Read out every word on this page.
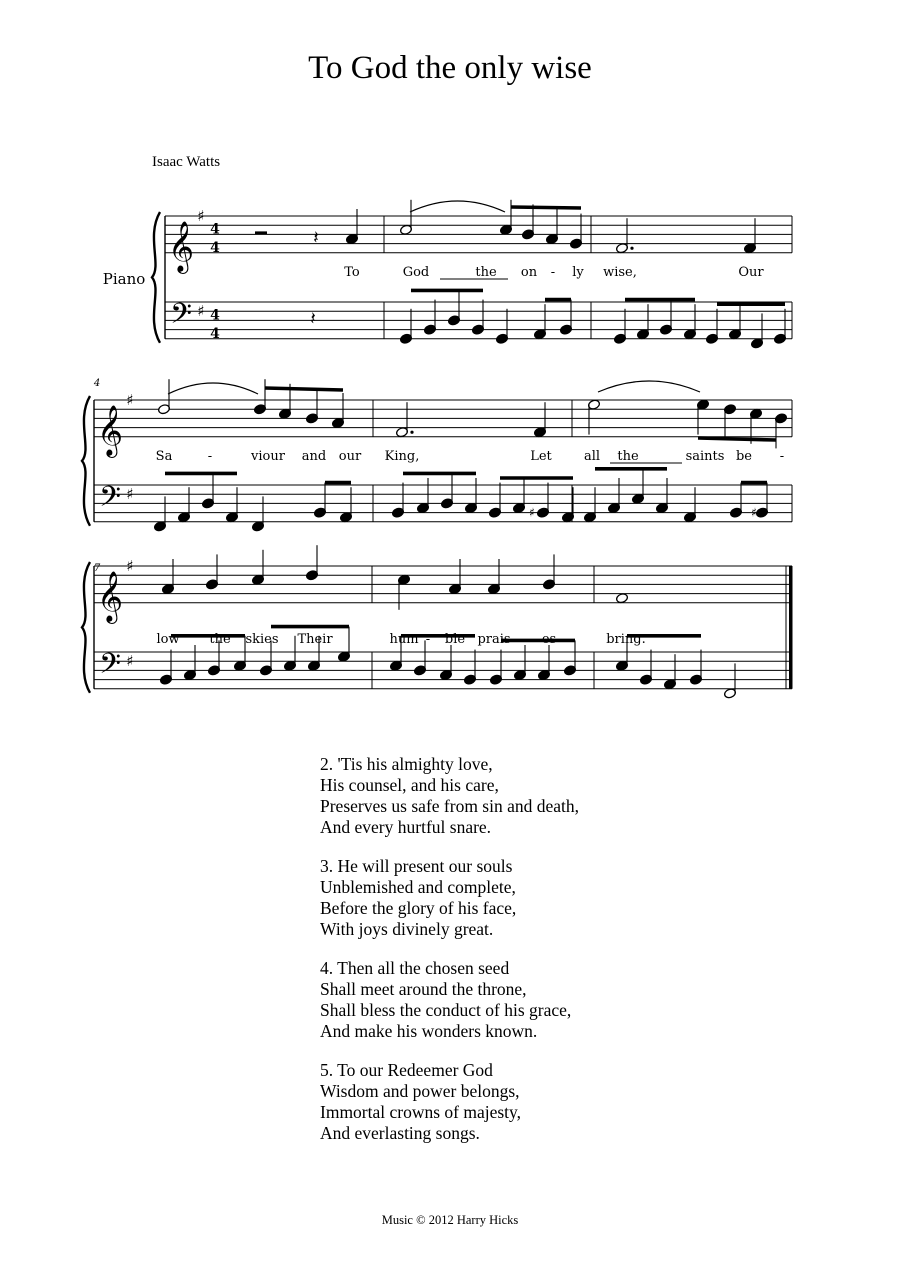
To God the only wise
Isaac Watts
𝄞
𝄢
♯
♯
4
4
4
4
𝄞
𝄢
♯
♯
𝄞
𝄢
♯
♯
Piano
4
7
𝄽
𝄽
♯	♯
To	God	the on - ly wise,	Our
Sa	-	viour and our King,	Let all the	saints be -
low the skies Their	hum - ble prais - es	bring.
2. 'Tis his almighty love,
His counsel, and his care,
Preserves us safe from sin and death,
And every hurtful snare.
3. He will present our souls
Unblemished and complete,
Before the glory of his face,
With joys divinely great.
4. Then all the chosen seed
Shall meet around the throne,
Shall bless the conduct of his grace,
And make his wonders known.
5. To our Redeemer God
Wisdom and power belongs,
Immortal crowns of majesty,
And everlasting songs.
Music © 2012 Harry Hicks
